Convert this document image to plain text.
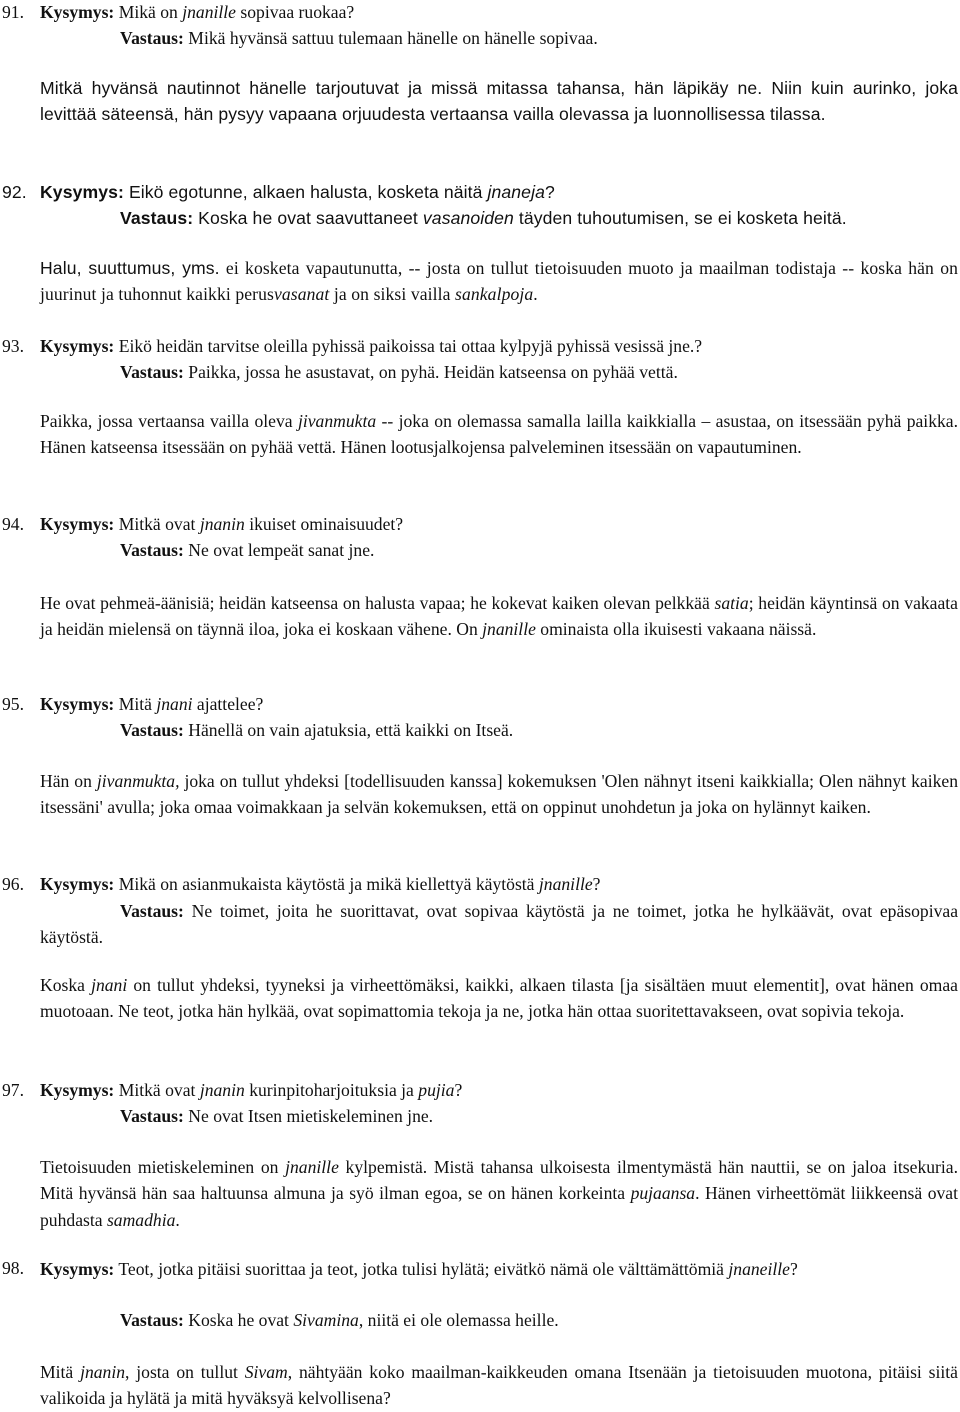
91. Kysymys: Mikä on jnanille sopivaa ruokaa?
Vastaus: Mikä hyvänsä sattuu tulemaan hänelle on hänelle sopivaa.

Mitkä hyvänsä nautinnot hänelle tarjoutuvat ja missä mitassa tahansa, hän läpikäy ne. Niin kuin aurinko, joka levittää säteensä, hän pysyy vapaana orjuudesta vertaansa vailla olevassa ja luonnollisessa tilassa.

92. Kysymys: Eikö egotunne, alkaen halusta, kosketa näitä jnaneja?
Vastaus: Koska he ovat saavuttaneet vasanoiden täyden tuhoutumisen, se ei kosketa heitä.

Halu, suuttumus, yms. ei kosketa vapautunutta, -- josta on tullut tietoisuuden muoto ja maailman todistaja -- koska hän on juurinut ja tuhonnut kaikki perusvasanat ja on siksi vailla sankalpoja.

93. Kysymys: Eikö heidän tarvitse oleilla pyhissä paikoissa tai ottaa kylpyjä pyhissä vesissä jne.?
Vastaus: Paikka, jossa he asustavat, on pyhä. Heidän katseensa on pyhää vettä.

Paikka, jossa vertaansa vailla oleva jivanmukta -- joka on olemassa samalla lailla kaikkialla – asustaa, on itsessään pyhä paikka. Hänen katseensa itsessään on pyhää vettä. Hänen lootusjalkojensa palveleminen itsessään on vapautuminen.

94. Kysymys: Mitkä ovat jnanin ikuiset ominaisuudet?
Vastaus: Ne ovat lempeät sanat jne.

He ovat pehmeä-äänisiä; heidän katseensa on halusta vapaa; he kokevat kaiken olevan pelkkää satia; heidän käyntinsä on vakaata ja heidän mielensä on täynnä iloa, joka ei koskaan vähene. On jnanille ominaista olla ikuisesti vakaana näissä.

95. Kysymys: Mitä jnani ajattelee?
Vastaus: Hänellä on vain ajatuksia, että kaikki on Itseä.

Hän on jivanmukta, joka on tullut yhdeksi [todellisuuden kanssa] kokemuksen 'Olen nähnyt itseni kaikkialla; Olen nähnyt kaiken itsessäni' avulla; joka omaa voimakkaan ja selvän kokemuksen, että on oppinut unohdetun ja joka on hylännyt kaiken.

96. Kysymys: Mikä on asianmukaista käytöstä ja mikä kiellettyä käytöstä jnanille?

Vastaus: Ne toimet, joita he suorittavat, ovat sopivaa käytöstä ja ne toimet, jotka he hylkäävät, ovat epäsopivaa käytöstä.

Koska jnani on tullut yhdeksi, tyyneksi ja virheettömäksi, kaikki, alkaen tilasta [ja sisältäen muut elementit], ovat hänen omaa muotoaan. Ne teot, jotka hän hylkää, ovat sopimattomia tekoja ja ne, jotka hän ottaa suoritettavakseen, ovat sopivia tekoja.

97. Kysymys: Mitkä ovat jnanin kurinpitoharjoituksia ja pujia?
Vastaus: Ne ovat Itsen mietiskeleminen jne.

Tietoisuuden mietiskeleminen on jnanille kylpemistä. Mistä tahansa ulkoisesta ilmentymästä hän nauttii, se on jaloa itsekuria. Mitä hyvänsä hän saa haltuunsa almuna ja syö ilman egoa, se on hänen korkeinta pujaansa. Hänen virheettömät liikkeensä ovat puhdasta samadhia.

98. Kysymys: Teot, jotka pitäisi suorittaa ja teot, jotka tulisi hylätä; eivätkö nämä ole välttämättömiä jnaneille?

Vastaus: Koska he ovat Sivamina, niitä ei ole olemassa heille.

Mitä jnanin, josta on tullut Sivam, nähtyään koko maailman-kaikkeuden omana Itsenään ja tietoisuuden muotona, pitäisi siitä valikoida ja hylätä ja mitä hyväksyä kelvollisena?
